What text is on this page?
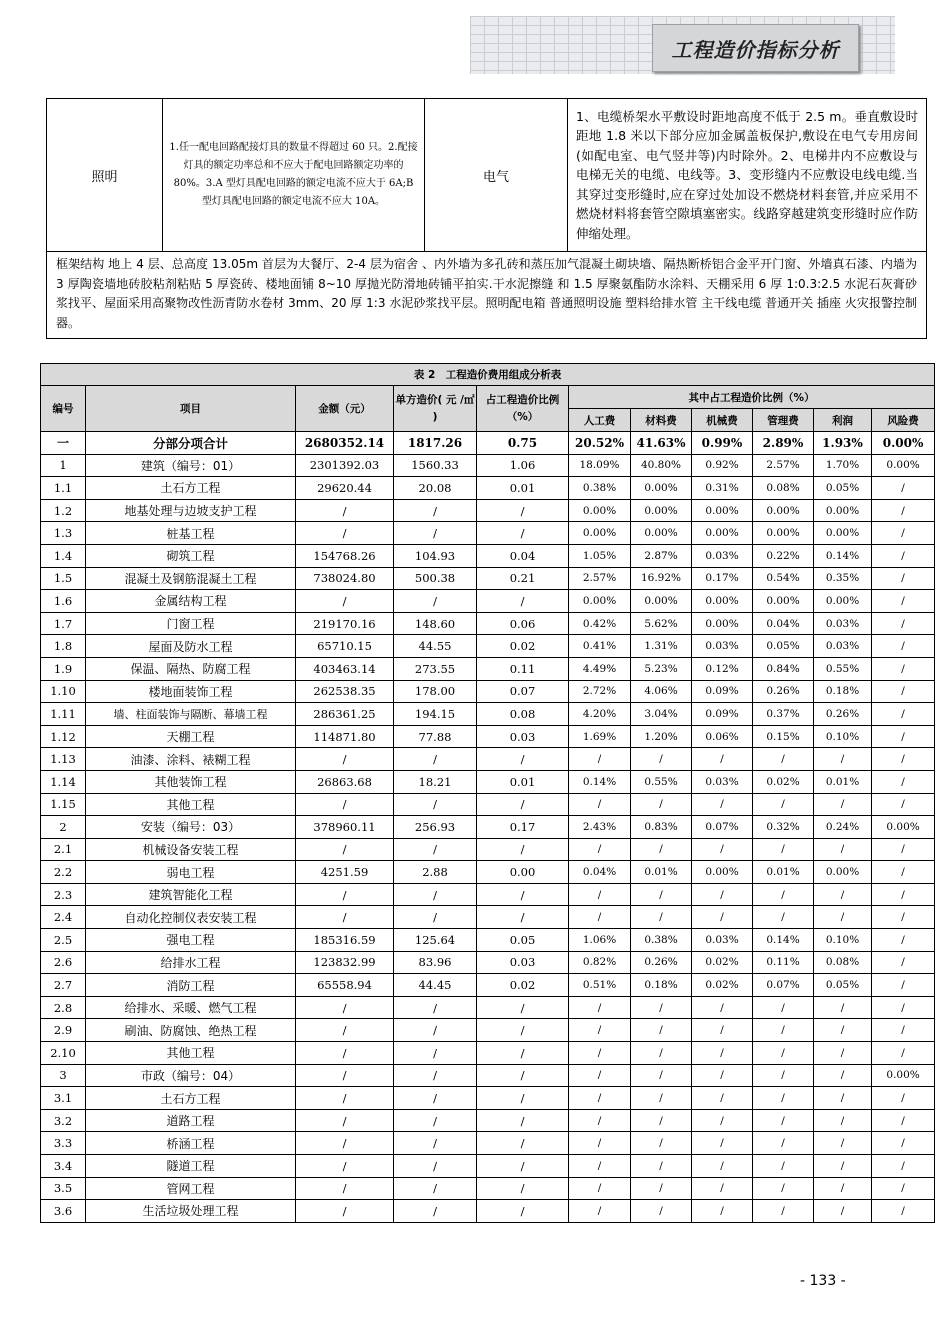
工程造价指标分析
照明	1.任一配电回路配接灯具的数量不得超过 60 只。2.配接灯具的额定功率总和不应大于配电回路额定功率的 80%。3.A 型灯具配电回路的额定电流不应大于 6A;B 型灯具配电回路的额定电流不应大 10A。	电气	1、电缆桥架水平敷设时距地高度不低于 2.5 m。垂直敷设时距地 1.8 米以下部分应加金属盖板保护,敷设在电气专用房间(如配电室、电气竖井等)内时除外。2、电梯井内不应敷设与电梯无关的电缆、电线等。3、变形缝内不应敷设电线电缆.当其穿过变形缝时,应在穿过处加设不燃烧材料套管,并应采用不燃烧材料将套管空隙填塞密实。线路穿越建筑变形缝时应作防伸缩处理。
框架结构 地上 4 层、总高度 13.05m 首层为大餐厅、2-4 层为宿舍 、内外墙为多孔砖和蒸压加气混凝土砌块墙、隔热断桥铝合金平开门窗、外墙真石漆、内墙为 3 厚陶瓷墙地砖胶粘剂粘贴 5 厚瓷砖、楼地面铺 8~10 厚抛光防滑地砖铺平拍实.干水泥擦缝 和 1.5 厚聚氨酯防水涂料、天棚采用 6 厚 1:0.3:2.5 水泥石灰膏砂浆找平、屋面采用高聚物改性沥青防水卷材 3mm、20 厚 1:3 水泥砂浆找平层。照明配电箱 普通照明设施 塑料给排水管 主干线电缆 普通开关 插座 火灾报警控制器。
表 2　工程造价费用组成分析表										
编号	项目	金额（元）	单方造价( 元 /㎡ )	占工程造价比例（%）	其中占工程造价比例（%）					
					人工费	材料费	机械费	管理费	利润	风险费
一	分部分项合计	2680352.14	1817.26	0.75	20.52%	41.63%	0.99%	2.89%	1.93%	0.00%
1	建筑（编号：01）	2301392.03	1560.33	1.06	18.09%	40.80%	0.92%	2.57%	1.70%	0.00%
1.1	土石方工程	29620.44	20.08	0.01	0.38%	0.00%	0.31%	0.08%	0.05%	/
1.2	地基处理与边坡支护工程	/	/	/	0.00%	0.00%	0.00%	0.00%	0.00%	/
1.3	桩基工程	/	/	/	0.00%	0.00%	0.00%	0.00%	0.00%	/
1.4	砌筑工程	154768.26	104.93	0.04	1.05%	2.87%	0.03%	0.22%	0.14%	/
1.5	混凝土及钢筋混凝土工程	738024.80	500.38	0.21	2.57%	16.92%	0.17%	0.54%	0.35%	/
1.6	金属结构工程	/	/	/	0.00%	0.00%	0.00%	0.00%	0.00%	/
1.7	门窗工程	219170.16	148.60	0.06	0.42%	5.62%	0.00%	0.04%	0.03%	/
1.8	屋面及防水工程	65710.15	44.55	0.02	0.41%	1.31%	0.03%	0.05%	0.03%	/
1.9	保温、隔热、防腐工程	403463.14	273.55	0.11	4.49%	5.23%	0.12%	0.84%	0.55%	/
1.10	楼地面装饰工程	262538.35	178.00	0.07	2.72%	4.06%	0.09%	0.26%	0.18%	/
1.11	墙、柱面装饰与隔断、幕墙工程	286361.25	194.15	0.08	4.20%	3.04%	0.09%	0.37%	0.26%	/
1.12	天棚工程	114871.80	77.88	0.03	1.69%	1.20%	0.06%	0.15%	0.10%	/
1.13	油漆、涂料、裱糊工程	/	/	/	/	/	/	/	/	/
1.14	其他装饰工程	26863.68	18.21	0.01	0.14%	0.55%	0.03%	0.02%	0.01%	/
1.15	其他工程	/	/	/	/	/	/	/	/	/
2	安装（编号：03）	378960.11	256.93	0.17	2.43%	0.83%	0.07%	0.32%	0.24%	0.00%
2.1	机械设备安装工程	/	/	/	/	/	/	/	/	/
2.2	弱电工程	4251.59	2.88	0.00	0.04%	0.01%	0.00%	0.01%	0.00%	/
2.3	建筑智能化工程	/	/	/	/	/	/	/	/	/
2.4	自动化控制仪表安装工程	/	/	/	/	/	/	/	/	/
2.5	强电工程	185316.59	125.64	0.05	1.06%	0.38%	0.03%	0.14%	0.10%	/
2.6	给排水工程	123832.99	83.96	0.03	0.82%	0.26%	0.02%	0.11%	0.08%	/
2.7	消防工程	65558.94	44.45	0.02	0.51%	0.18%	0.02%	0.07%	0.05%	/
2.8	给排水、采暖、燃气工程	/	/	/	/	/	/	/	/	/
2.9	刷油、防腐蚀、绝热工程	/	/	/	/	/	/	/	/	/
2.10	其他工程	/	/	/	/	/	/	/	/	/
3	市政（编号：04）	/	/	/	/	/	/	/	/	0.00%
3.1	土石方工程	/	/	/	/	/	/	/	/	/
3.2	道路工程	/	/	/	/	/	/	/	/	/
3.3	桥涵工程	/	/	/	/	/	/	/	/	/
3.4	隧道工程	/	/	/	/	/	/	/	/	/
3.5	管网工程	/	/	/	/	/	/	/	/	/
3.6	生活垃圾处理工程	/	/	/	/	/	/	/	/	/
- 133 -
